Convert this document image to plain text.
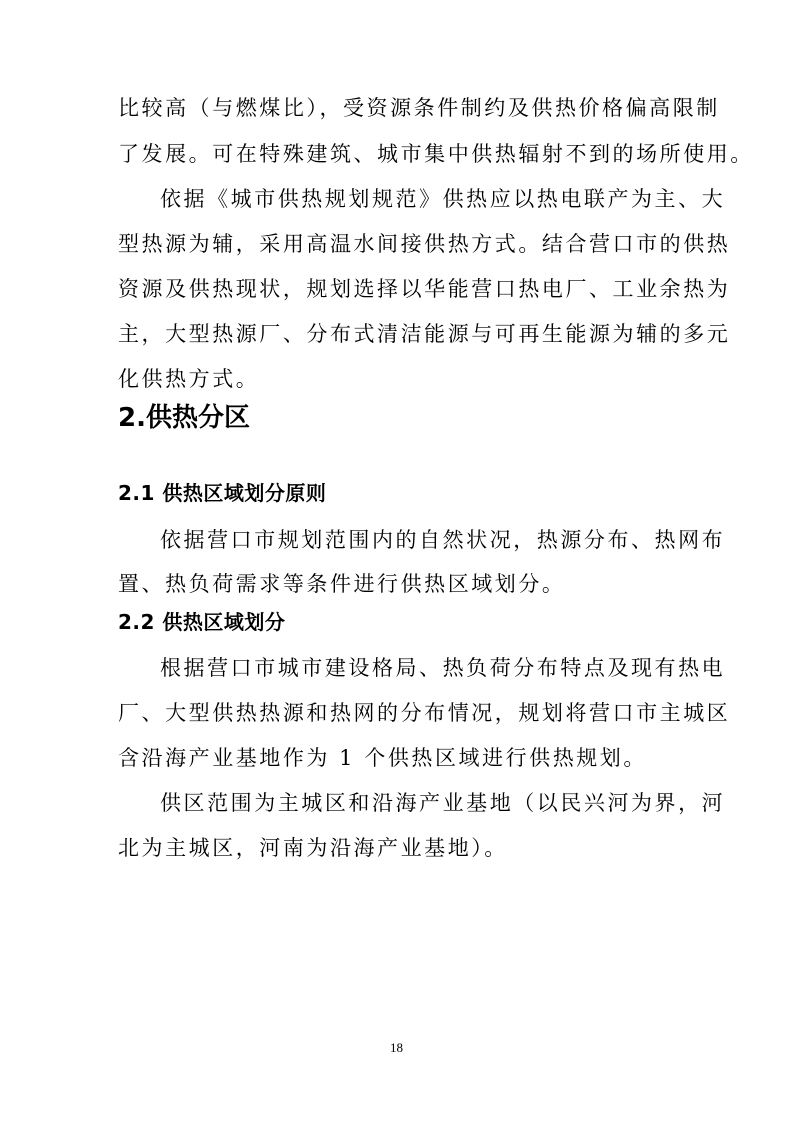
比较高（与燃煤比），受资源条件制约及供热价格偏高限制
了发展。可在特殊建筑、城市集中供热辐射不到的场所使用。
依据《城市供热规划规范》供热应以热电联产为主、大
型热源为辅，采用高温水间接供热方式。结合营口市的供热
资源及供热现状，规划选择以华能营口热电厂、工业余热为
主，大型热源厂、分布式清洁能源与可再生能源为辅的多元
化供热方式。
2.供热分区
2.1 供热区域划分原则
依据营口市规划范围内的自然状况，热源分布、热网布
置、热负荷需求等条件进行供热区域划分。
2.2 供热区域划分
根据营口市城市建设格局、热负荷分布特点及现有热电
厂、大型供热热源和热网的分布情况，规划将营口市主城区
含沿海产业基地作为 1 个供热区域进行供热规划。
供区范围为主城区和沿海产业基地（以民兴河为界，河
北为主城区，河南为沿海产业基地）。
18
